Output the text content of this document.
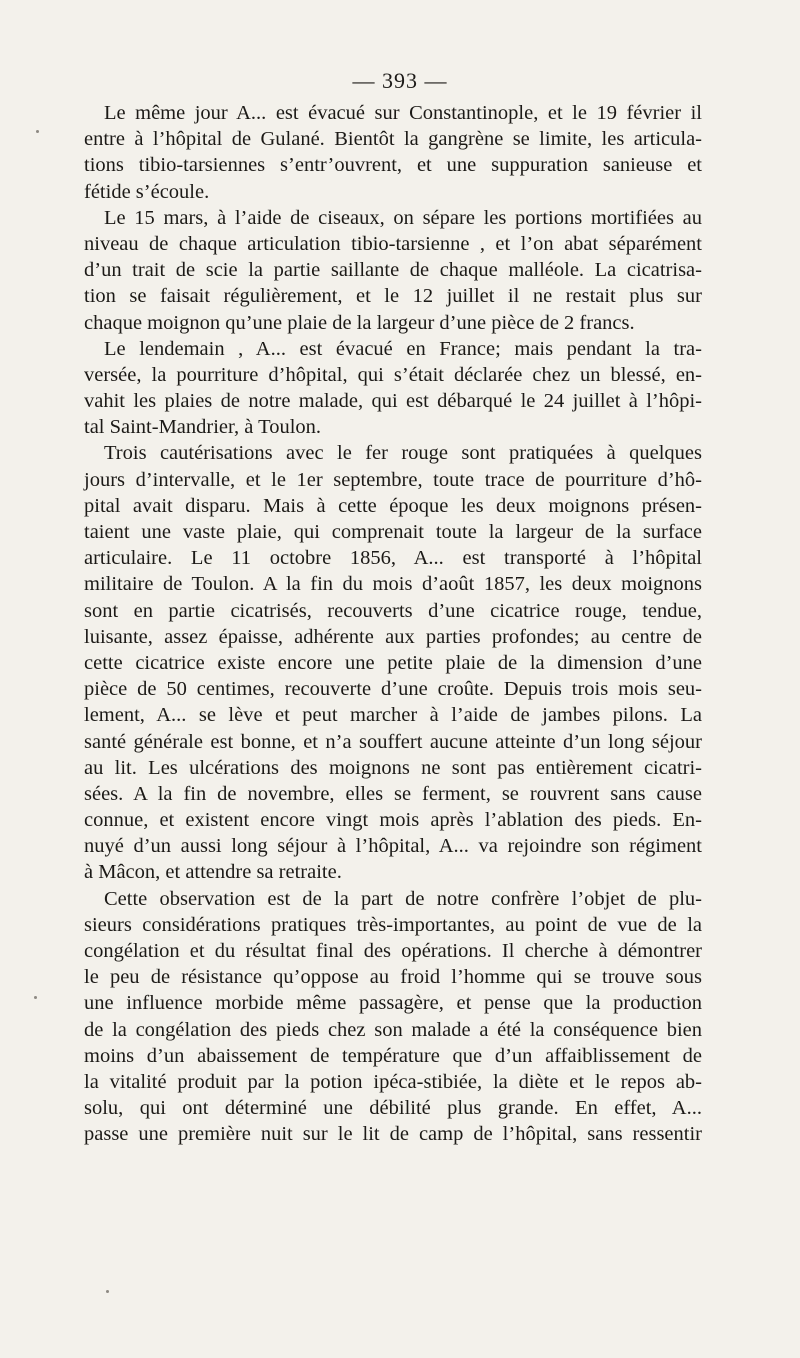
— 393 —
Le même jour A... est évacué sur Constantinople, et le 19 février il
entre à l’hôpital de Gulané. Bientôt la gangrène se limite, les articula-
tions tibio-tarsiennes s’entr’ouvrent, et une suppuration sanieuse et
fétide s’écoule.
Le 15 mars, à l’aide de ciseaux, on sépare les portions mortifiées au
niveau de chaque articulation tibio-tarsienne , et l’on abat séparément
d’un trait de scie la partie saillante de chaque malléole. La cicatrisa-
tion se faisait régulièrement, et le 12 juillet il ne restait plus sur
chaque moignon qu’une plaie de la largeur d’une pièce de 2 francs.
Le lendemain , A... est évacué en France; mais pendant la tra-
versée, la pourriture d’hôpital, qui s’était déclarée chez un blessé, en-
vahit les plaies de notre malade, qui est débarqué le 24 juillet à l’hôpi-
tal Saint-Mandrier, à Toulon.
Trois cautérisations avec le fer rouge sont pratiquées à quelques
jours d’intervalle, et le 1er septembre, toute trace de pourriture d’hô-
pital avait disparu. Mais à cette époque les deux moignons présen-
taient une vaste plaie, qui comprenait toute la largeur de la surface
articulaire. Le 11 octobre 1856, A... est transporté à l’hôpital
militaire de Toulon. A la fin du mois d’août 1857, les deux moignons
sont en partie cicatrisés, recouverts d’une cicatrice rouge, tendue,
luisante, assez épaisse, adhérente aux parties profondes; au centre de
cette cicatrice existe encore une petite plaie de la dimension d’une
pièce de 50 centimes, recouverte d’une croûte. Depuis trois mois seu-
lement, A... se lève et peut marcher à l’aide de jambes pilons. La
santé générale est bonne, et n’a souffert aucune atteinte d’un long séjour
au lit. Les ulcérations des moignons ne sont pas entièrement cicatri-
sées. A la fin de novembre, elles se ferment, se rouvrent sans cause
connue, et existent encore vingt mois après l’ablation des pieds. En-
nuyé d’un aussi long séjour à l’hôpital, A... va rejoindre son régiment
à Mâcon, et attendre sa retraite.
Cette observation est de la part de notre confrère l’objet de plu-
sieurs considérations pratiques très-importantes, au point de vue de la
congélation et du résultat final des opérations. Il cherche à démontrer
le peu de résistance qu’oppose au froid l’homme qui se trouve sous
une influence morbide même passagère, et pense que la production
de la congélation des pieds chez son malade a été la conséquence bien
moins d’un abaissement de température que d’un affaiblissement de
la vitalité produit par la potion ipéca-stibiée, la diète et le repos ab-
solu, qui ont déterminé une débilité plus grande. En effet, A...
passe une première nuit sur le lit de camp de l’hôpital, sans ressentir
